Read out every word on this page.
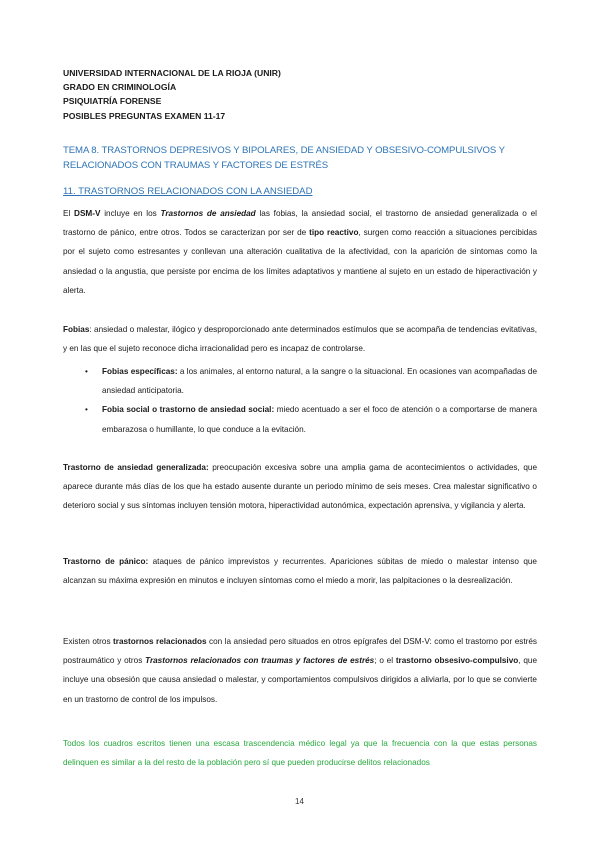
UNIVERSIDAD INTERNACIONAL DE LA RIOJA (UNIR)
GRADO EN CRIMINOLOGÍA
PSIQUIATRÍA FORENSE
POSIBLES PREGUNTAS EXAMEN 11-17
TEMA 8. TRASTORNOS DEPRESIVOS Y BIPOLARES, DE ANSIEDAD Y OBSESIVO-COMPULSIVOS Y RELACIONADOS CON TRAUMAS Y FACTORES DE ESTRÉS
11. TRASTORNOS RELACIONADOS CON LA ANSIEDAD
El DSM-V incluye en los Trastornos de ansiedad las fobias, la ansiedad social, el trastorno de ansiedad generalizada o el trastorno de pánico, entre otros. Todos se caracterizan por ser de tipo reactivo, surgen como reacción a situaciones percibidas por el sujeto como estresantes y conllevan una alteración cualitativa de la afectividad, con la aparición de síntomas como la ansiedad o la angustia, que persiste por encima de los límites adaptativos y mantiene al sujeto en un estado de hiperactivación y alerta.
Fobias: ansiedad o malestar, ilógico y desproporcionado ante determinados estímulos que se acompaña de tendencias evitativas, y en las que el sujeto reconoce dicha irracionalidad pero es incapaz de controlarse.
• Fobias específicas: a los animales, al entorno natural, a la sangre o la situacional. En ocasiones van acompañadas de ansiedad anticipatoria.
• Fobia social o trastorno de ansiedad social: miedo acentuado a ser el foco de atención o a comportarse de manera embarazosa o humillante, lo que conduce a la evitación.
Trastorno de ansiedad generalizada: preocupación excesiva sobre una amplia gama de acontecimientos o actividades, que aparece durante más días de los que ha estado ausente durante un periodo mínimo de seis meses. Crea malestar significativo o deterioro social y sus síntomas incluyen tensión motora, hiperactividad autonómica, expectación aprensiva, y vigilancia y alerta.
Trastorno de pánico: ataques de pánico imprevistos y recurrentes. Apariciones súbitas de miedo o malestar intenso que alcanzan su máxima expresión en minutos e incluyen síntomas como el miedo a morir, las palpitaciones o la desrealización.
Existen otros trastornos relacionados con la ansiedad pero situados en otros epígrafes del DSM-V: como el trastorno por estrés postraumático y otros Trastornos relacionados con traumas y factores de estrés; o el trastorno obsesivo-compulsivo, que incluye una obsesión que causa ansiedad o malestar, y comportamientos compulsivos dirigidos a aliviarla, por lo que se convierte en un trastorno de control de los impulsos.
Todos los cuadros escritos tienen una escasa trascendencia médico legal ya que la frecuencia con la que estas personas delinquen es similar a la del resto de la población pero sí que pueden producirse delitos relacionados
14
